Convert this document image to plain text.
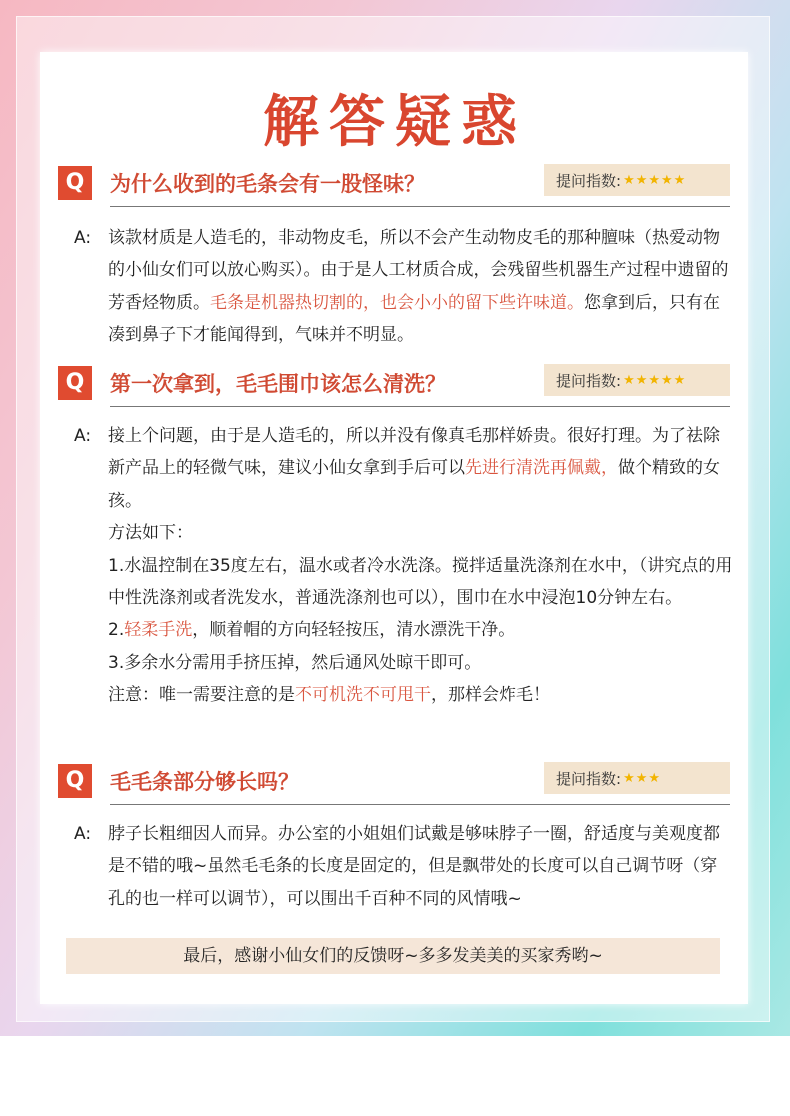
解答疑惑
Q	为什么收到的毛条会有一股怪味？	提问指数: ★★★★★
A: 该款材质是人造毛的，非动物皮毛，所以不会产生动物皮毛的那种膻味（热爱动物的小仙女们可以放心购买）。由于是人工材质合成，会残留些机器生产过程中遗留的芳香烃物质。毛条是机器热切割的，也会小小的留下些许味道。您拿到后，只有在凑到鼻子下才能闻得到，气味并不明显。
Q	第一次拿到，毛毛围巾该怎么清洗？	提问指数: ★★★★★
A: 接上个问题，由于是人造毛的，所以并没有像真毛那样娇贵。很好打理。为了祛除新产品上的轻微气味，建议小仙女拿到手后可以先进行清洗再佩戴，做个精致的女孩。

方法如下：

1.水温控制在35度左右，温水或者冷水洗涤。搅拌适量洗涤剂在水中，（讲究点的用中性洗涤剂或者洗发水，普通洗涤剂也可以），围巾在水中浸泡10分钟左右。

2.轻柔手洗，顺着帽的方向轻轻按压，清水漂洗干净。

3.多余水分需用手挤压掉，然后通风处晾干即可。

注意：唯一需要注意的是不可机洗不可甩干，那样会炸毛！

Q	毛毛条部分够长吗？	提问指数: ★★★
A: 脖子长粗细因人而异。办公室的小姐姐们试戴是够味脖子一圈，舒适度与美观度都是不错的哦~虽然毛毛条的长度是固定的，但是飘带处的长度可以自己调节呀（穿孔的也一样可以调节），可以围出千百种不同的风情哦~
最后，感谢小仙女们的反馈呀~多多发美美的买家秀哟~
